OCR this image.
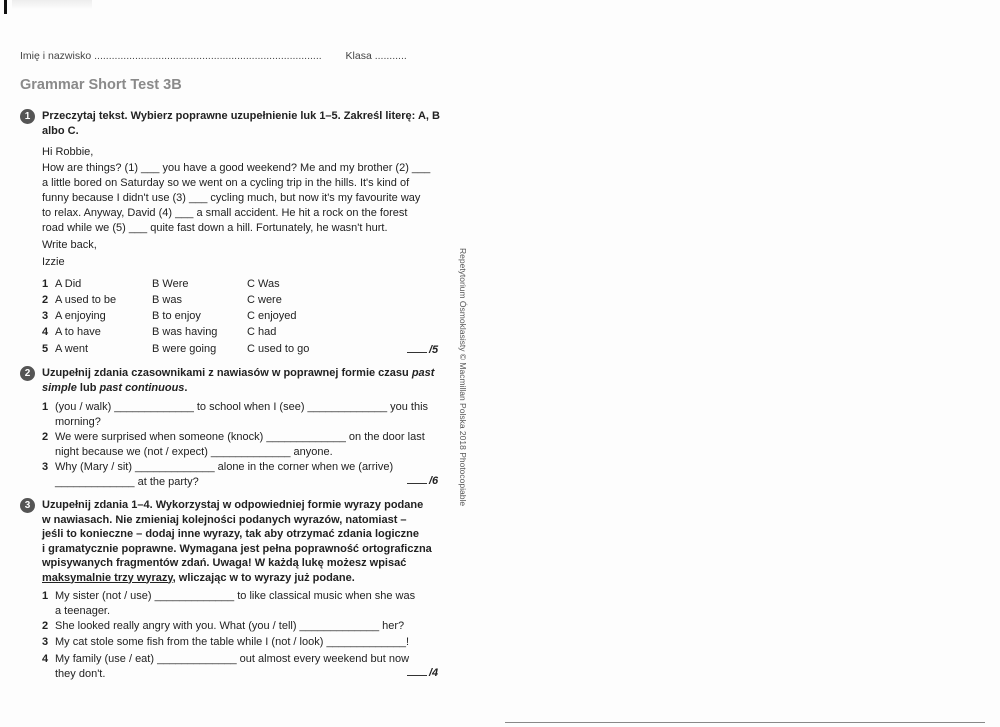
Imię i nazwisko .............................................................................. Klasa ...........
Grammar Short Test 3B
1	Przeczytaj tekst. Wybierz poprawne uzupełnienie luk 1–5. Zakreśl literę: A, B albo C.
Hi Robbie,
How are things? (1) ___ you have a good weekend? Me and my brother (2) ___
a little bored on Saturday so we went on a cycling trip in the hills. It's kind of
funny because I didn't use (3) ___ cycling much, but now it's my favourite way
to relax. Anyway, David (4) ___ a small accident. He hit a rock on the forest
road while we (5) ___ quite fast down a hill. Fortunately, he wasn't hurt.
Write back,
Izzie
1 A Did	B Were	C Was
2 A used to be	B was	C were
3 A enjoying	B to enjoy	C enjoyed
4 A to have	B was having	C had
5 A went	B were going	C used to go	/5
2	Uzupełnij zdania czasownikami z nawiasów w poprawnej formie czasu past simple lub past continuous.
1 (you / walk) _____________ to school when I (see) _____________ you this
morning?
2 We were surprised when someone (knock) _____________ on the door last
night because we (not / expect) _____________ anyone.
3 Why (Mary / sit) _____________ alone in the corner when we (arrive)
_____________ at the party?	/6
3	Uzupełnij zdania 1–4. Wykorzystaj w odpowiedniej formie wyrazy podane
w nawiasach. Nie zmieniaj kolejności podanych wyrazów, natomiast –
jeśli to konieczne – dodaj inne wyrazy, tak aby otrzymać zdania logiczne
i gramatycznie poprawne. Wymagana jest pełna poprawność ortograficzna
wpisywanych fragmentów zdań. Uwaga! W każdą lukę możesz wpisać
maksymalnie trzy wyrazy, wliczając w to wyrazy już podane.
1 My sister (not / use) _____________ to like classical music when she was
a teenager.
2 She looked really angry with you. What (you / tell) _____________ her?
3 My cat stole some fish from the table while I (not / look) _____________!
4 My family (use / eat) _____________ out almost every weekend but now
they don't.	/4
Repetytorium Ósmoklasisty © Macmillan Polska 2018 Photocopiable
